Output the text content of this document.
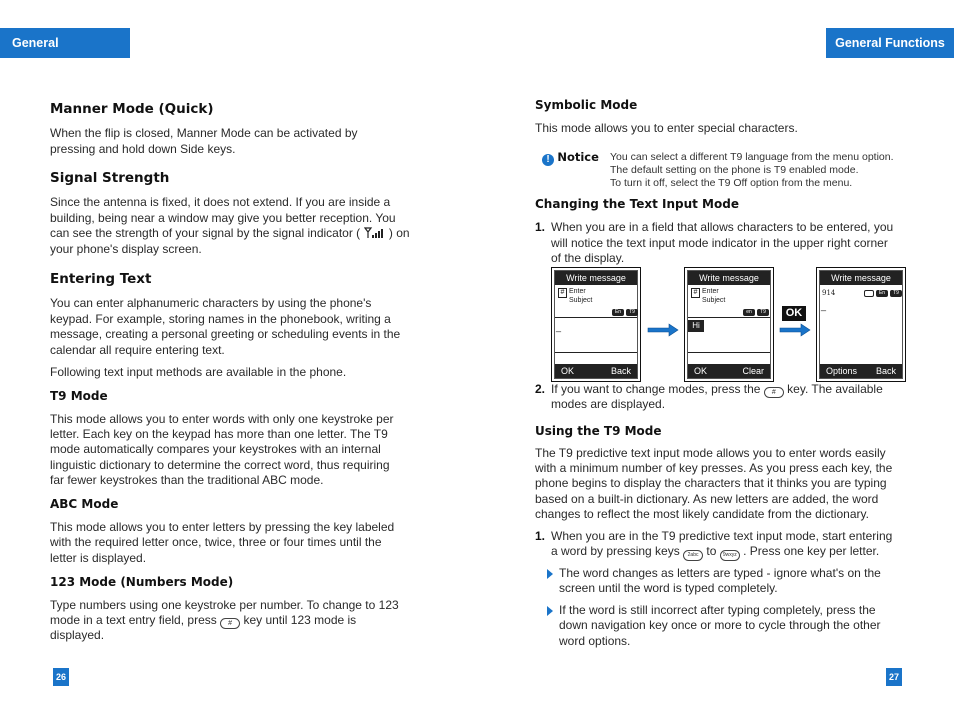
General Functions
General Functions
Manner Mode (Quick)
When the flip is closed, Manner Mode can be activated by
pressing and hold down Side keys.
Signal Strength
Since the antenna is fixed, it does not extend. If you are inside a
building, being near a window may give you better reception. You
can see the strength of your signal by the signal indicator ( ) on
your phone's display screen.
Entering Text
You can enter alphanumeric characters by using the phone's
keypad. For example, storing names in the phonebook, writing a
message, creating a personal greeting or scheduling events in the
calendar all require entering text.
Following text input methods are available in the phone.
T9 Mode
This mode allows you to enter words with only one keystroke per
letter. Each key on the keypad has more than one letter. The T9
mode automatically compares your keystrokes with an internal
linguistic dictionary to determine the correct word, thus requiring
far fewer keystrokes than the traditional ABC mode.
ABC Mode
This mode allows you to enter letters by pressing the key labeled
with the required letter once, twice, three or four times until the
letter is displayed.
123 Mode (Numbers Mode)
Type numbers using one keystroke per number. To change to 123
mode in a text entry field, press # key until 123 mode is
displayed.
26
Symbolic Mode
This mode allows you to enter special characters.
! Notice You can select a different T9 language from the menu option.
The default setting on the phone is T9 enabled mode.
To turn it off, select the T9 Off option from the menu.
Changing the Text Input Mode
1. When you are in a field that allows characters to be entered, you
will notice the text input mode indicator in the upper right corner
of the display.
Write message
# Enter
Subject
En	T9
_
OK	Back
Write message
# Enter
Subject
en	T9
Hi
OK	Clear
OK
Write message
914	En	T9
_
Options Back
2. If you want to change modes, press the # key. The available
modes are displayed.
Using the T9 Mode
The T9 predictive text input mode allows you to enter words easily
with a minimum number of key presses. As you press each key, the
phone begins to display the characters that it thinks you are typing
based on a built-in dictionary. As new letters are added, the word
changes to reflect the most likely candidate from the dictionary.
1. When you are in the T9 predictive text input mode, start entering
a word by pressing keys 2abc to 9wxyz . Press one key per letter.
The word changes as letters are typed - ignore what's on the
screen until the word is typed completely.
If the word is still incorrect after typing completely, press the
down navigation key once or more to cycle through the other
word options.
27
